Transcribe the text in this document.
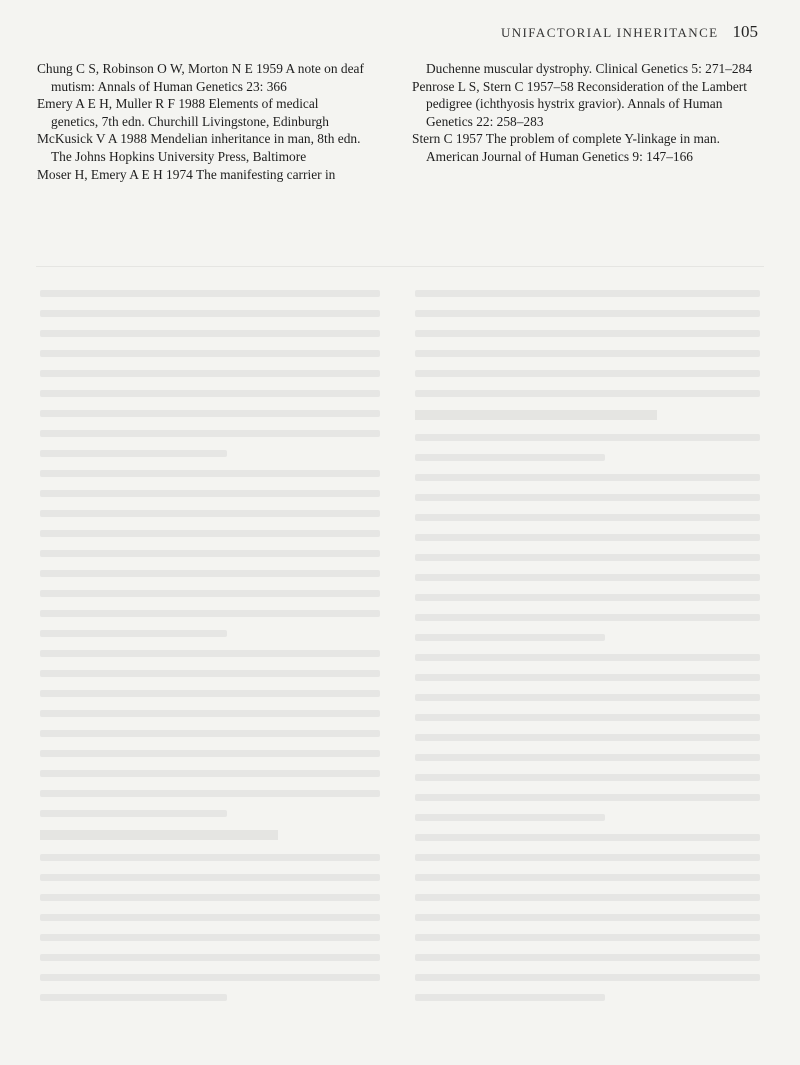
UNIFACTORIAL INHERITANCE 105

Chung C S, Robinson O W, Morton N E 1959 A note on deaf mutism: Annals of Human Genetics 23: 366

Emery A E H, Muller R F 1988 Elements of medical genetics, 7th edn. Churchill Livingstone, Edinburgh

McKusick V A 1988 Mendelian inheritance in man, 8th edn. The Johns Hopkins University Press, Baltimore

Moser H, Emery A E H 1974 The manifesting carrier in

Duchenne muscular dystrophy. Clinical Genetics 5: 271–284

Penrose L S, Stern C 1957–58 Reconsideration of the Lambert pedigree (ichthyosis hystrix gravior). Annals of Human Genetics 22: 258–283

Stern C 1957 The problem of complete Y-linkage in man. American Journal of Human Genetics 9: 147–166
